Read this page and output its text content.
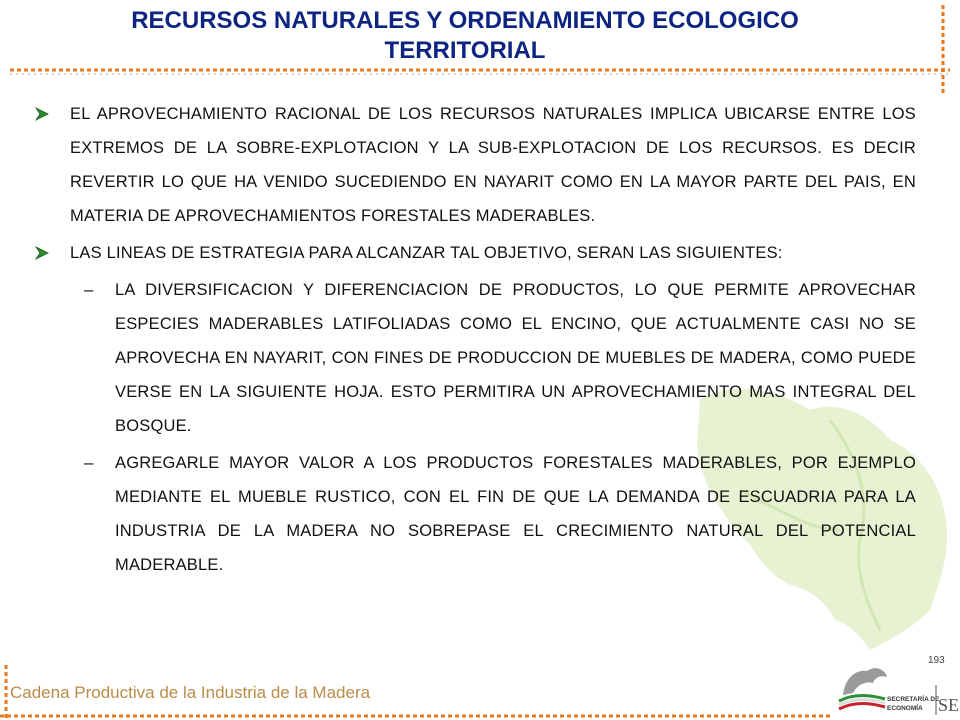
RECURSOS NATURALES Y ORDENAMIENTO ECOLOGICO TERRITORIAL
EL APROVECHAMIENTO RACIONAL DE LOS RECURSOS NATURALES IMPLICA UBICARSE ENTRE LOS EXTREMOS DE LA SOBRE-EXPLOTACION Y LA SUB-EXPLOTACION DE LOS RECURSOS. ES DECIR REVERTIR LO QUE HA VENIDO SUCEDIENDO EN NAYARIT COMO EN LA MAYOR PARTE DEL PAIS, EN MATERIA DE APROVECHAMIENTOS FORESTALES MADERABLES.
LAS LINEAS DE ESTRATEGIA PARA ALCANZAR TAL OBJETIVO, SERAN LAS SIGUIENTES:
– LA DIVERSIFICACION Y DIFERENCIACION DE PRODUCTOS, LO QUE PERMITE APROVECHAR ESPECIES MADERABLES LATIFOLIADAS COMO EL ENCINO, QUE ACTUALMENTE CASI NO SE APROVECHA EN NAYARIT, CON FINES DE PRODUCCION DE MUEBLES DE MADERA, COMO PUEDE VERSE EN LA SIGUIENTE HOJA. ESTO PERMITIRA UN APROVECHAMIENTO MAS INTEGRAL DEL BOSQUE.
– AGREGARLE MAYOR VALOR A LOS PRODUCTOS FORESTALES MADERABLES, POR EJEMPLO MEDIANTE EL MUEBLE RUSTICO, CON EL FIN DE QUE LA DEMANDA DE ESCUADRIA PARA LA INDUSTRIA DE LA MADERA NO SOBREPASE EL CRECIMIENTO NATURAL DEL POTENCIAL MADERABLE.
Cadena Productiva de la Industria de la Madera
193
SECRETARÍA DE
ECONOMÍA SE
